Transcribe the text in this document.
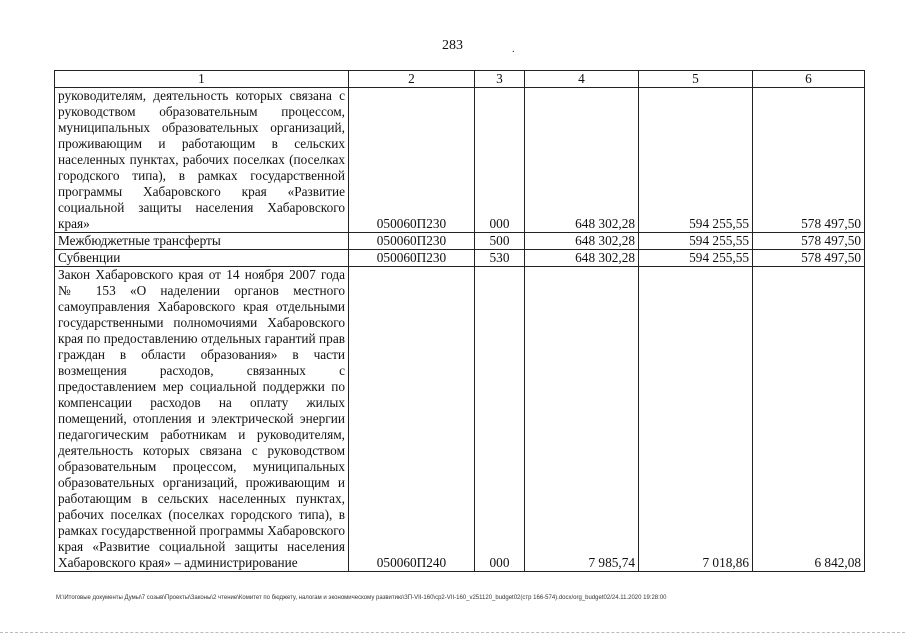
283	.
1	2	3	4	5	6
руководителям, деятельность которых связана с руководством образовательным процессом, муниципальных образовательных организаций, проживающим и работающим в сельских населенных пунктах, рабочих поселках (поселках городского типа), в рамках государственной программы Хабаровского края «Развитие социальной защиты населения Хабаровского края»	050060П230	000	648 302,28	594 255,55	578 497,50
Межбюджетные трансферты	050060П230	500	648 302,28	594 255,55	578 497,50
Субвенции	050060П230	530	648 302,28	594 255,55	578 497,50
Закон Хабаровского края от 14 ноября 2007 года № 153 «О наделении органов местного самоуправления Хабаровского края отдельными государственными полномочиями Хабаровского края по предоставлению отдельных гарантий прав граждан в области образования» в части возмещения расходов, связанных с предоставлением мер социальной поддержки по компенсации расходов на оплату жилых помещений, отопления и электрической энергии педагогическим работникам и руководителям, деятельность которых связана с руководством образовательным процессом, муниципальных образовательных организаций, проживающим и работающим в сельских населенных пунктах, рабочих поселках (поселках городского типа), в рамках государственной программы Хабаровского края «Развитие социальной защиты населения Хабаровского края» – администрирование	050060П240	000	7 985,74	7 018,86	6 842,08
M:\Итоговые документы Думы\7 созыв\Проекты\Законы\2 чтение\Комитет по бюджету, налогам и экономическому развитию\ЗП-VII-160\ср2-VII-160_v251120_budget02(стр 166-574).docx/org_budget02/24.11.2020 19:28:00
